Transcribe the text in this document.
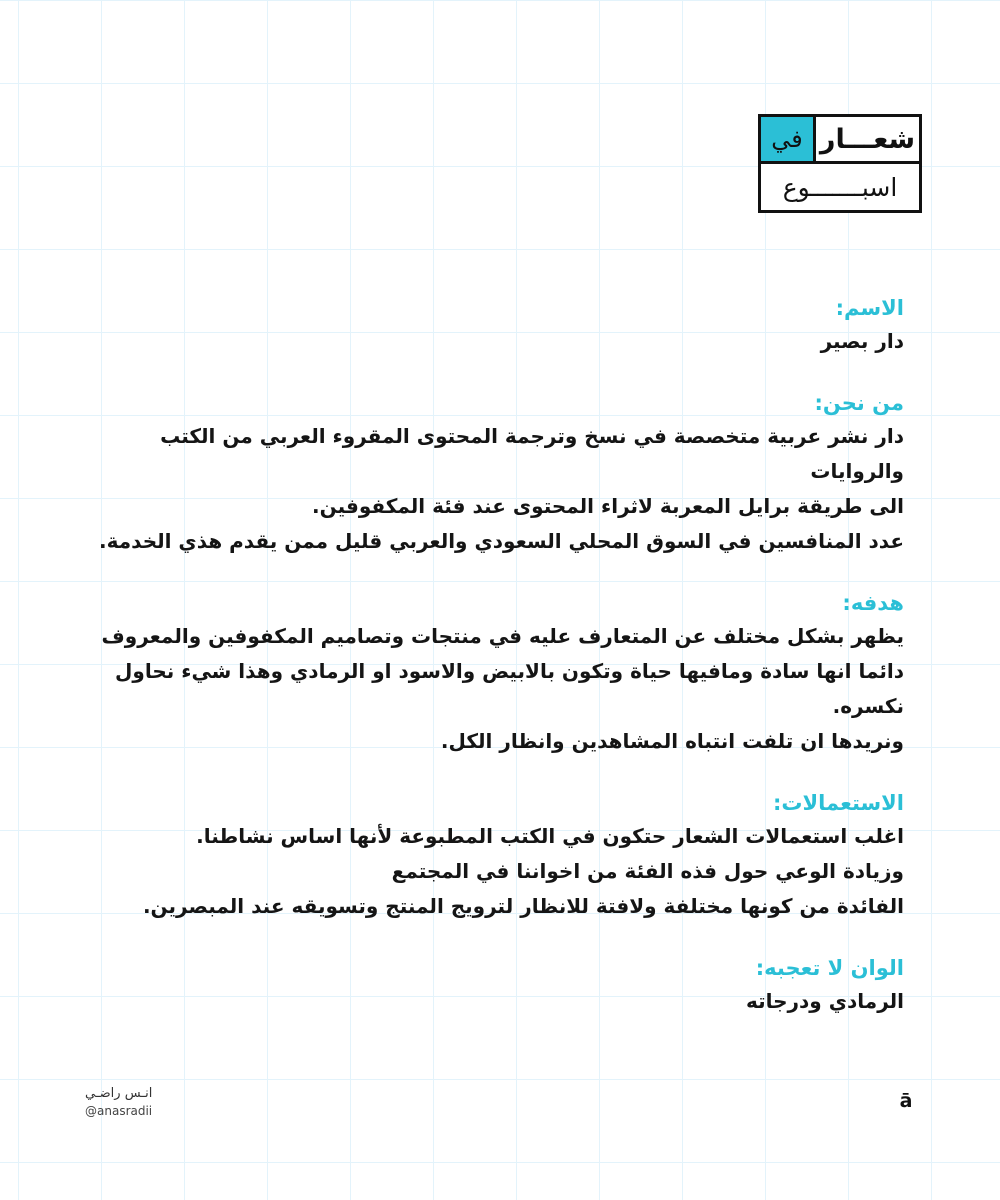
في شعـــار
اسبـــــــوع
الاسم:
دار بصير
من نحن:
دار نشر عربية متخصصة في نسخ وترجمة المحتوى المقروء العربي من الكتب والروايات
الى طريقة برايل المعربة لاثراء المحتوى عند فئة المكفوفين.
عدد المنافسين في السوق المحلي السعودي والعربي قليل ممن يقدم هذي الخدمة.
هدفه:
يظهر بشكل مختلف عن المتعارف عليه في منتجات وتصاميم المكفوفين والمعروف
دائما انها سادة ومافيها حياة وتكون بالابيض والاسود او الرمادي وهذا شيء نحاول
نكسره.
ونريدها ان تلفت انتباه المشاهدين وانظار الكل.
الاستعمالات:
اغلب استعمالات الشعار حتكون في الكتب المطبوعة لأنها اساس نشاطنا.
وزيادة الوعي حول فذه الفئة من اخواننا في المجتمع
الفائدة من كونها مختلفة ولافتة للانظار لترويج المنتج وتسويقه عند المبصرين.
الوان لا تعجبه:
الرمادي ودرجاته
انـس راضـي
@anasradii	ā
